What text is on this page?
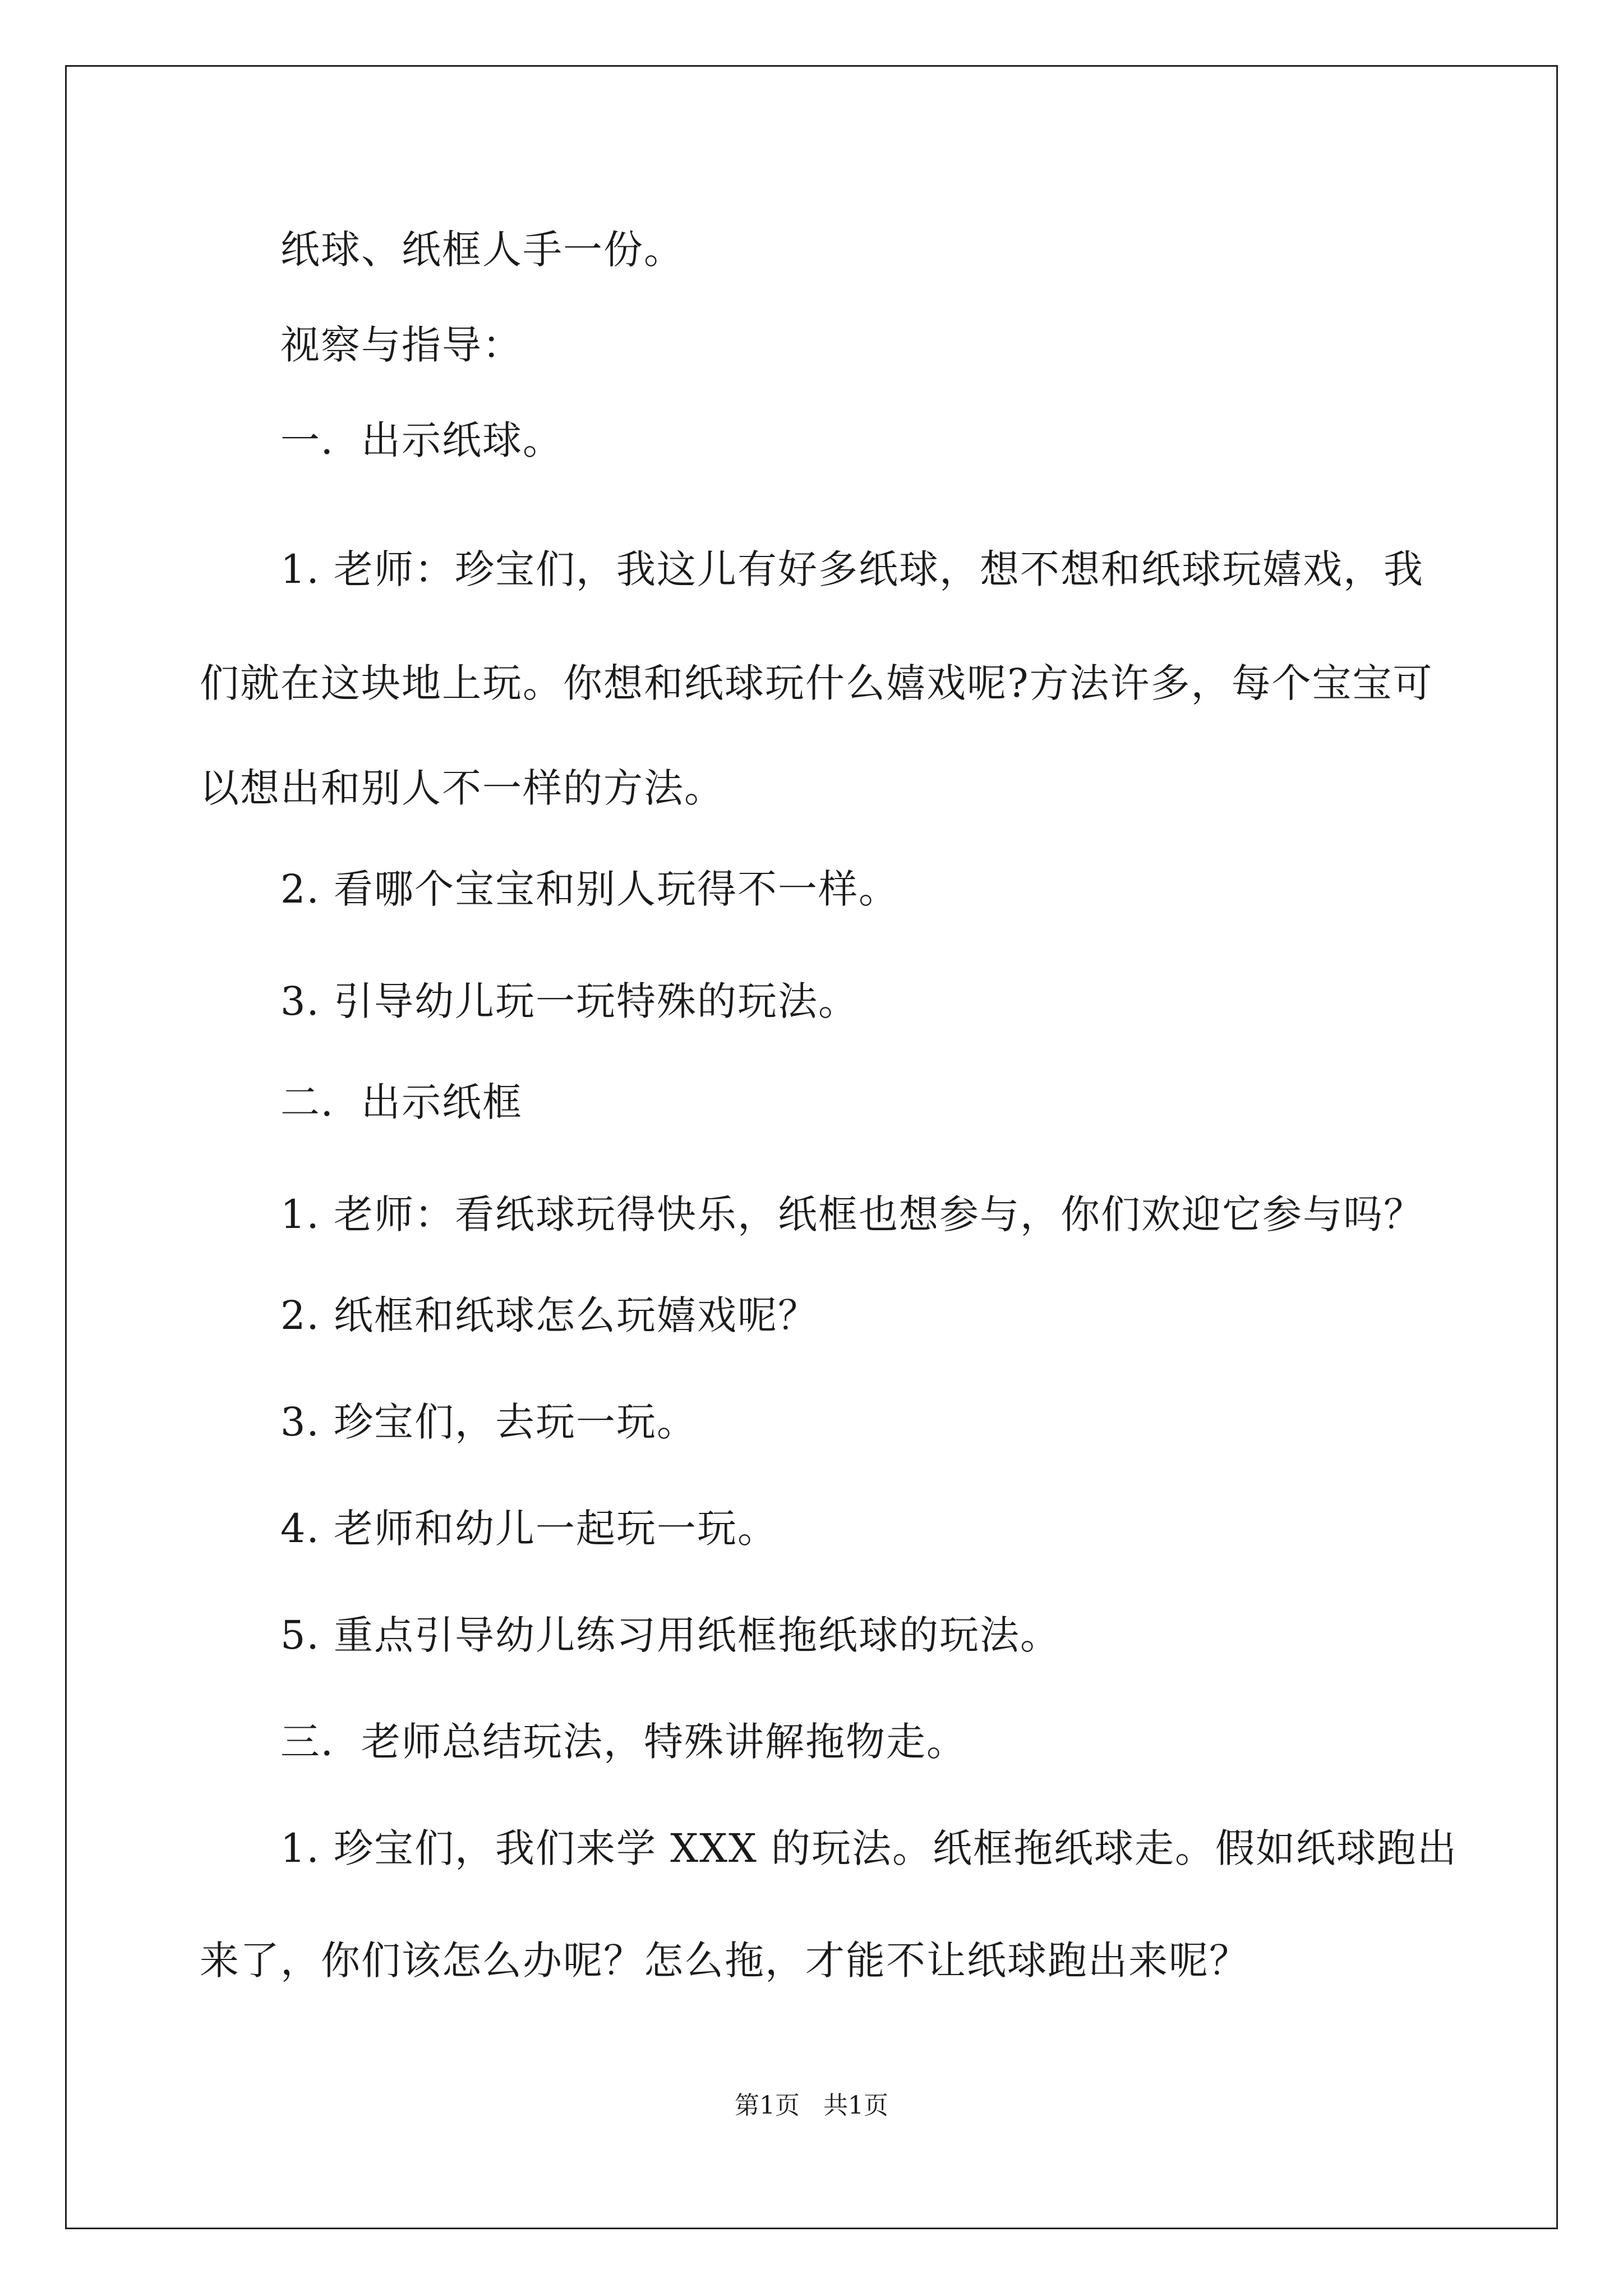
纸球、纸框人手一份。
视察与指导：
一．出示纸球。
1. 老师：珍宝们，我这儿有好多纸球，想不想和纸球玩嬉戏，我
们就在这块地上玩。你想和纸球玩什么嬉戏呢?方法许多，每个宝宝可
以想出和别人不一样的方法。
2. 看哪个宝宝和别人玩得不一样。
3. 引导幼儿玩一玩特殊的玩法。
二．出示纸框
1. 老师：看纸球玩得快乐，纸框也想参与，你们欢迎它参与吗？
2. 纸框和纸球怎么玩嬉戏呢？
3. 珍宝们，去玩一玩。
4. 老师和幼儿一起玩一玩。
5. 重点引导幼儿练习用纸框拖纸球的玩法。
三．老师总结玩法，特殊讲解拖物走。
1. 珍宝们，我们来学 XXX 的玩法。纸框拖纸球走。假如纸球跑出
来了，你们该怎么办呢？怎么拖，才能不让纸球跑出来呢？
第1页   共1页
